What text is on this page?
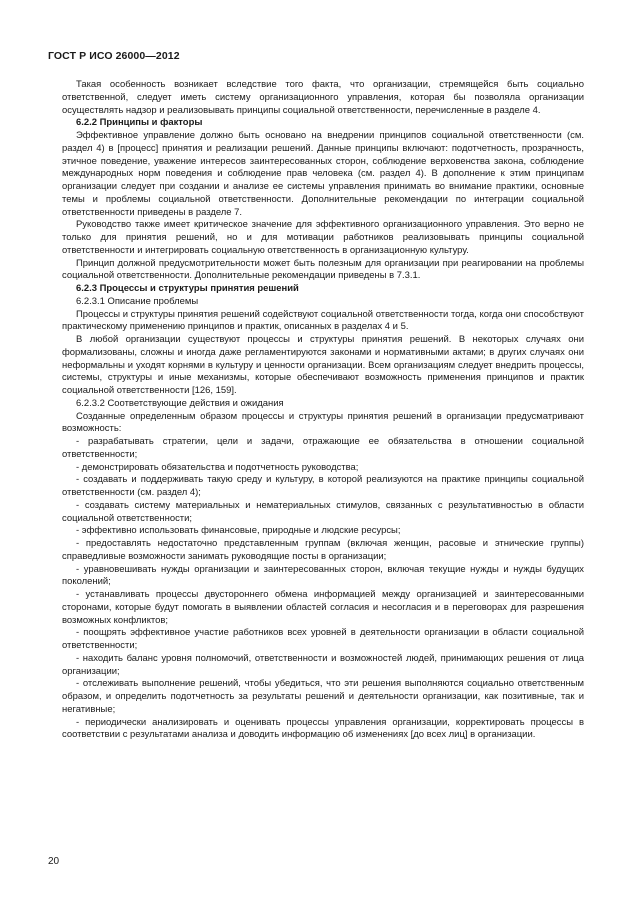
ГОСТ Р ИСО 26000—2012

Такая особенность возникает вследствие того факта, что организации, стремящейся быть социально ответственной, следует иметь систему организационного управления, которая бы позволяла организации осуществлять надзор и реализовывать принципы социальной ответственности, перечисленные в разделе 4.

6.2.2 Принципы и факторы

Эффективное управление должно быть основано на внедрении принципов социальной ответственности (см. раздел 4) в [процесс] принятия и реализации решений. Данные принципы включают: подотчетность, прозрачность, этичное поведение, уважение интересов заинтересованных сторон, соблюдение верховенства закона, соблюдение международных норм поведения и соблюдение прав человека (см. раздел 4). В дополнение к этим принципам организации следует при создании и анализе ее системы управления принимать во внимание практики, основные темы и проблемы социальной ответственности. Дополнительные рекомендации по интеграции социальной ответственности приведены в разделе 7.

Руководство также имеет критическое значение для эффективного организационного управления. Это верно не только для принятия решений, но и для мотивации работников реализовывать принципы социальной ответственности и интегрировать социальную ответственность в организационную культуру.

Принцип должной предусмотрительности может быть полезным для организации при реагировании на проблемы социальной ответственности. Дополнительные рекомендации приведены в 7.3.1.

6.2.3 Процессы и структуры принятия решений

6.2.3.1 Описание проблемы

Процессы и структуры принятия решений содействуют социальной ответственности тогда, когда они способствуют практическому применению принципов и практик, описанных в разделах 4 и 5.

В любой организации существуют процессы и структуры принятия решений. В некоторых случаях они формализованы, сложны и иногда даже регламентируются законами и нормативными актами; в других случаях они неформальны и уходят корнями в культуру и ценности организации. Всем организациям следует внедрить процессы, системы, структуры и иные механизмы, которые обеспечивают возможность применения принципов и практик социальной ответственности [126, 159].

6.2.3.2 Соответствующие действия и ожидания

Созданные определенным образом процессы и структуры принятия решений в организации предусматривают возможность:

- разрабатывать стратегии, цели и задачи, отражающие ее обязательства в отношении социальной ответственности;

- демонстрировать обязательства и подотчетность руководства;

- создавать и поддерживать такую среду и культуру, в которой реализуются на практике принципы социальной ответственности (см. раздел 4);

- создавать систему материальных и нематериальных стимулов, связанных с результативностью в области социальной ответственности;

- эффективно использовать финансовые, природные и людские ресурсы;

- предоставлять недостаточно представленным группам (включая женщин, расовые и этнические группы) справедливые возможности занимать руководящие посты в организации;

- уравновешивать нужды организации и заинтересованных сторон, включая текущие нужды и нужды будущих поколений;

- устанавливать процессы двустороннего обмена информацией между организацией и заинтересованными сторонами, которые будут помогать в выявлении областей согласия и несогласия и в переговорах для разрешения возможных конфликтов;

- поощрять эффективное участие работников всех уровней в деятельности организации в области социальной ответственности;

- находить баланс уровня полномочий, ответственности и возможностей людей, принимающих решения от лица организации;

- отслеживать выполнение решений, чтобы убедиться, что эти решения выполняются социально ответственным образом, и определить подотчетность за результаты решений и деятельности организации, как позитивные, так и негативные;

- периодически анализировать и оценивать процессы управления организации, корректировать процессы в соответствии с результатами анализа и доводить информацию об изменениях [до всех лиц] в организации.

20
